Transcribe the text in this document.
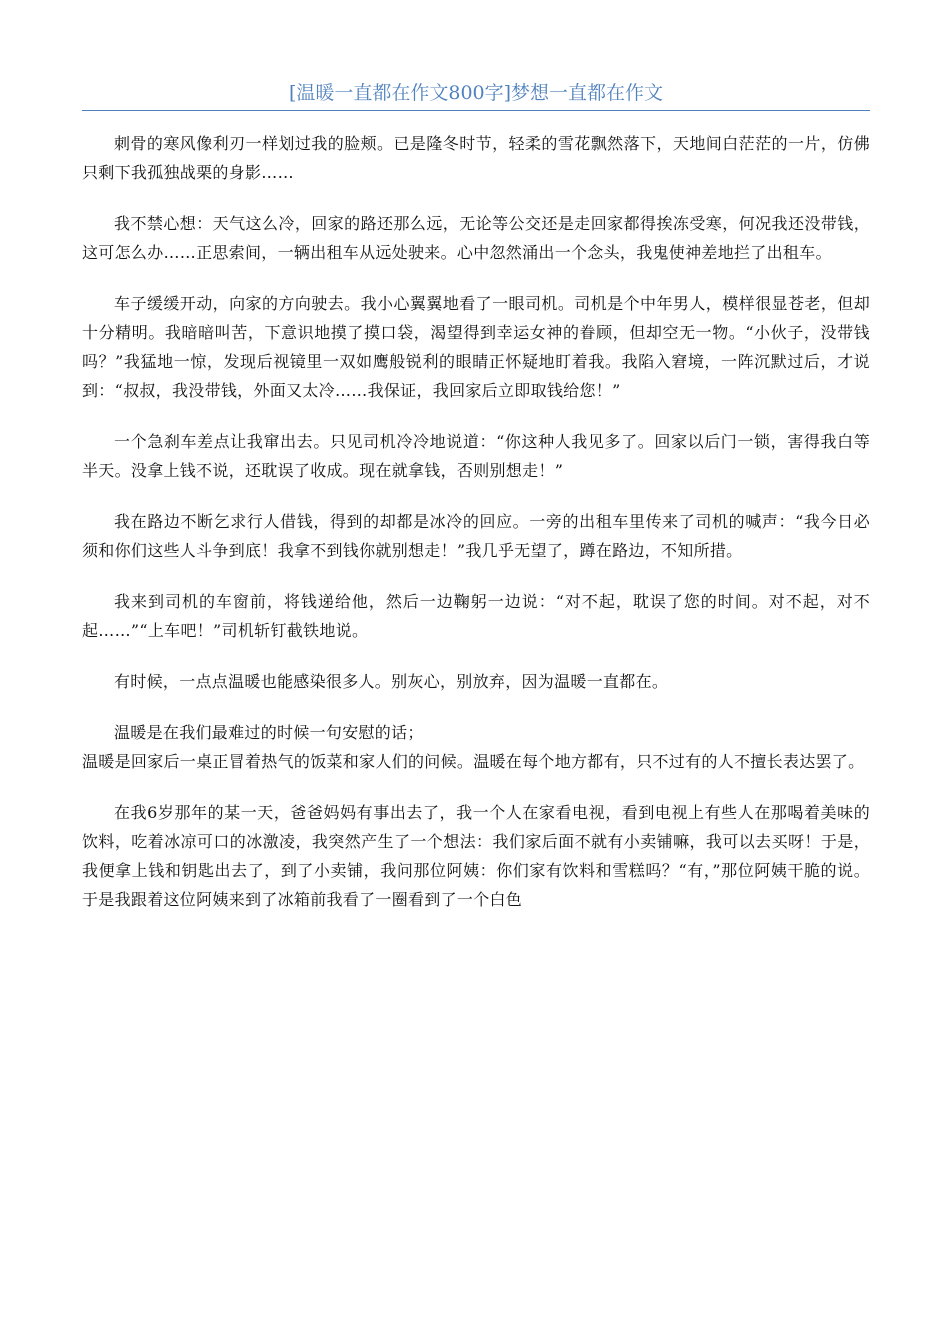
[温暖一直都在作文800字]梦想一直都在作文

刺骨的寒风像利刃一样划过我的脸颊。已是隆冬时节，轻柔的雪花飘然落下，天地间白茫茫的一片，仿佛只剩下我孤独战栗的身影……

我不禁心想：天气这么冷，回家的路还那么远，无论等公交还是走回家都得挨冻受寒，何况我还没带钱，这可怎么办……正思索间，一辆出租车从远处驶来。心中忽然涌出一个念头，我鬼使神差地拦了出租车。

车子缓缓开动，向家的方向驶去。我小心翼翼地看了一眼司机。司机是个中年男人，模样很显苍老，但却十分精明。我暗暗叫苦，下意识地摸了摸口袋，渴望得到幸运女神的眷顾，但却空无一物。“小伙子，没带钱吗？”我猛地一惊，发现后视镜里一双如鹰般锐利的眼睛正怀疑地盯着我。我陷入窘境，一阵沉默过后，才说到：“叔叔，我没带钱，外面又太冷……我保证，我回家后立即取钱给您！”

一个急刹车差点让我窜出去。只见司机冷冷地说道：“你这种人我见多了。回家以后门一锁，害得我白等半天。没拿上钱不说，还耽误了收成。现在就拿钱，否则别想走！”

我在路边不断乞求行人借钱，得到的却都是冰冷的回应。一旁的出租车里传来了司机的喊声：“我今日必须和你们这些人斗争到底！我拿不到钱你就别想走！”我几乎无望了，蹲在路边，不知所措。

我来到司机的车窗前，将钱递给他，然后一边鞠躬一边说：“对不起，耽误了您的时间。对不起，对不起……”“上车吧！”司机斩钉截铁地说。

有时候，一点点温暖也能感染很多人。别灰心，别放弃，因为温暖一直都在。

温暖是在我们最难过的时候一句安慰的话；

温暖是回家后一桌正冒着热气的饭菜和家人们的问候。温暖在每个地方都有，只不过有的人不擅长表达罢了。

在我6岁那年的某一天，爸爸妈妈有事出去了，我一个人在家看电视，看到电视上有些人在那喝着美味的饮料，吃着冰凉可口的冰激凌，我突然产生了一个想法：我们家后面不就有小卖铺嘛，我可以去买呀！于是，我便拿上钱和钥匙出去了，到了小卖铺，我问那位阿姨：你们家有饮料和雪糕吗？“有，”那位阿姨干脆的说。于是我跟着这位阿姨来到了冰箱前我看了一圈看到了一个白色
